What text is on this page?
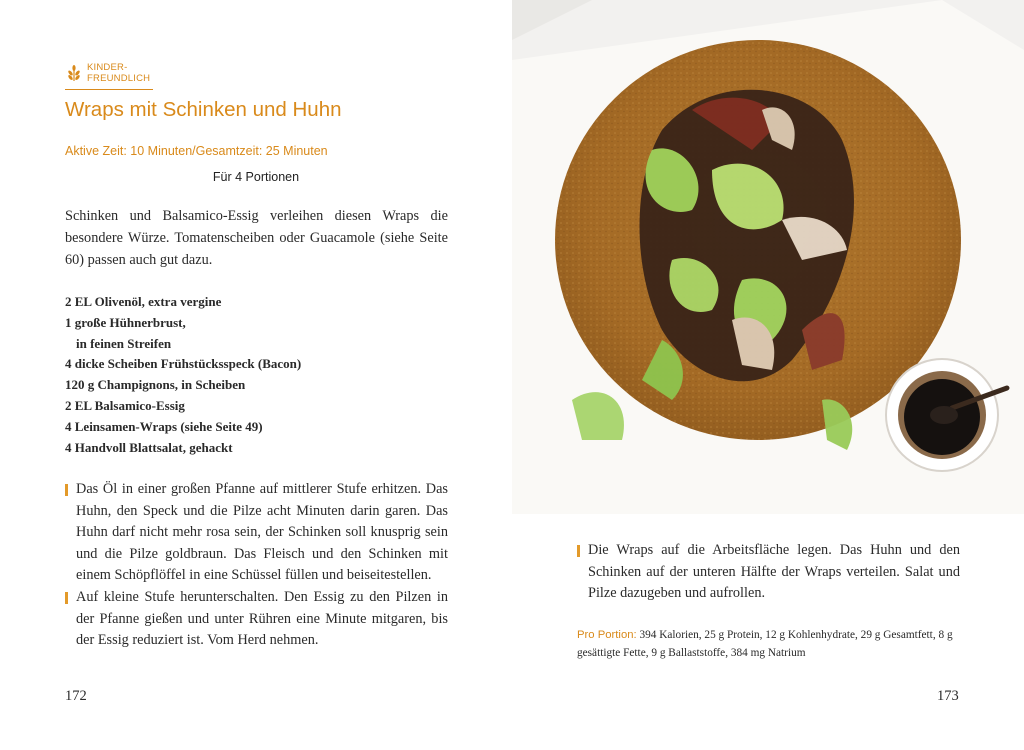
KINDER-
FREUNDLICH
Wraps mit Schinken und Huhn
Aktive Zeit: 10 Minuten/Gesamtzeit: 25 Minuten
Für 4 Portionen

Schinken und Balsamico-Essig verleihen diesen Wraps die besondere Würze. Tomatenscheiben oder Guacamole (siehe Seite 60) passen auch gut dazu.

2 EL Olivenöl, extra vergine
1 große Hühnerbrust,
in feinen Streifen
4 dicke Scheiben Frühstücksspeck (Bacon)
120 g Champignons, in Scheiben
2 EL Balsamico-Essig
4 Leinsamen-Wraps (siehe Seite 49)
4 Handvoll Blattsalat, gehackt
Das Öl in einer großen Pfanne auf mittlerer Stufe erhitzen. Das Huhn, den Speck und die Pilze acht Minuten darin garen. Das Huhn darf nicht mehr rosa sein, der Schinken soll knusprig sein und die Pilze goldbraun. Das Fleisch und den Schinken mit einem Schöpflöffel in eine Schüssel füllen und beiseitestellen.
Auf kleine Stufe herunterschalten. Den Essig zu den Pilzen in der Pfanne gießen und unter Rühren eine Minute mitgaren, bis der Essig reduziert ist. Vom Herd nehmen.
172
Die Wraps auf die Arbeitsfläche legen. Das Huhn und den Schinken auf der unteren Hälfte der Wraps verteilen. Salat und Pilze dazugeben und aufrollen.
Pro Portion: 394 Kalorien, 25 g Protein, 12 g Kohlenhydrate, 29 g Gesamtfett, 8 g gesättigte Fette, 9 g Ballaststoffe, 384 mg Natrium
173
